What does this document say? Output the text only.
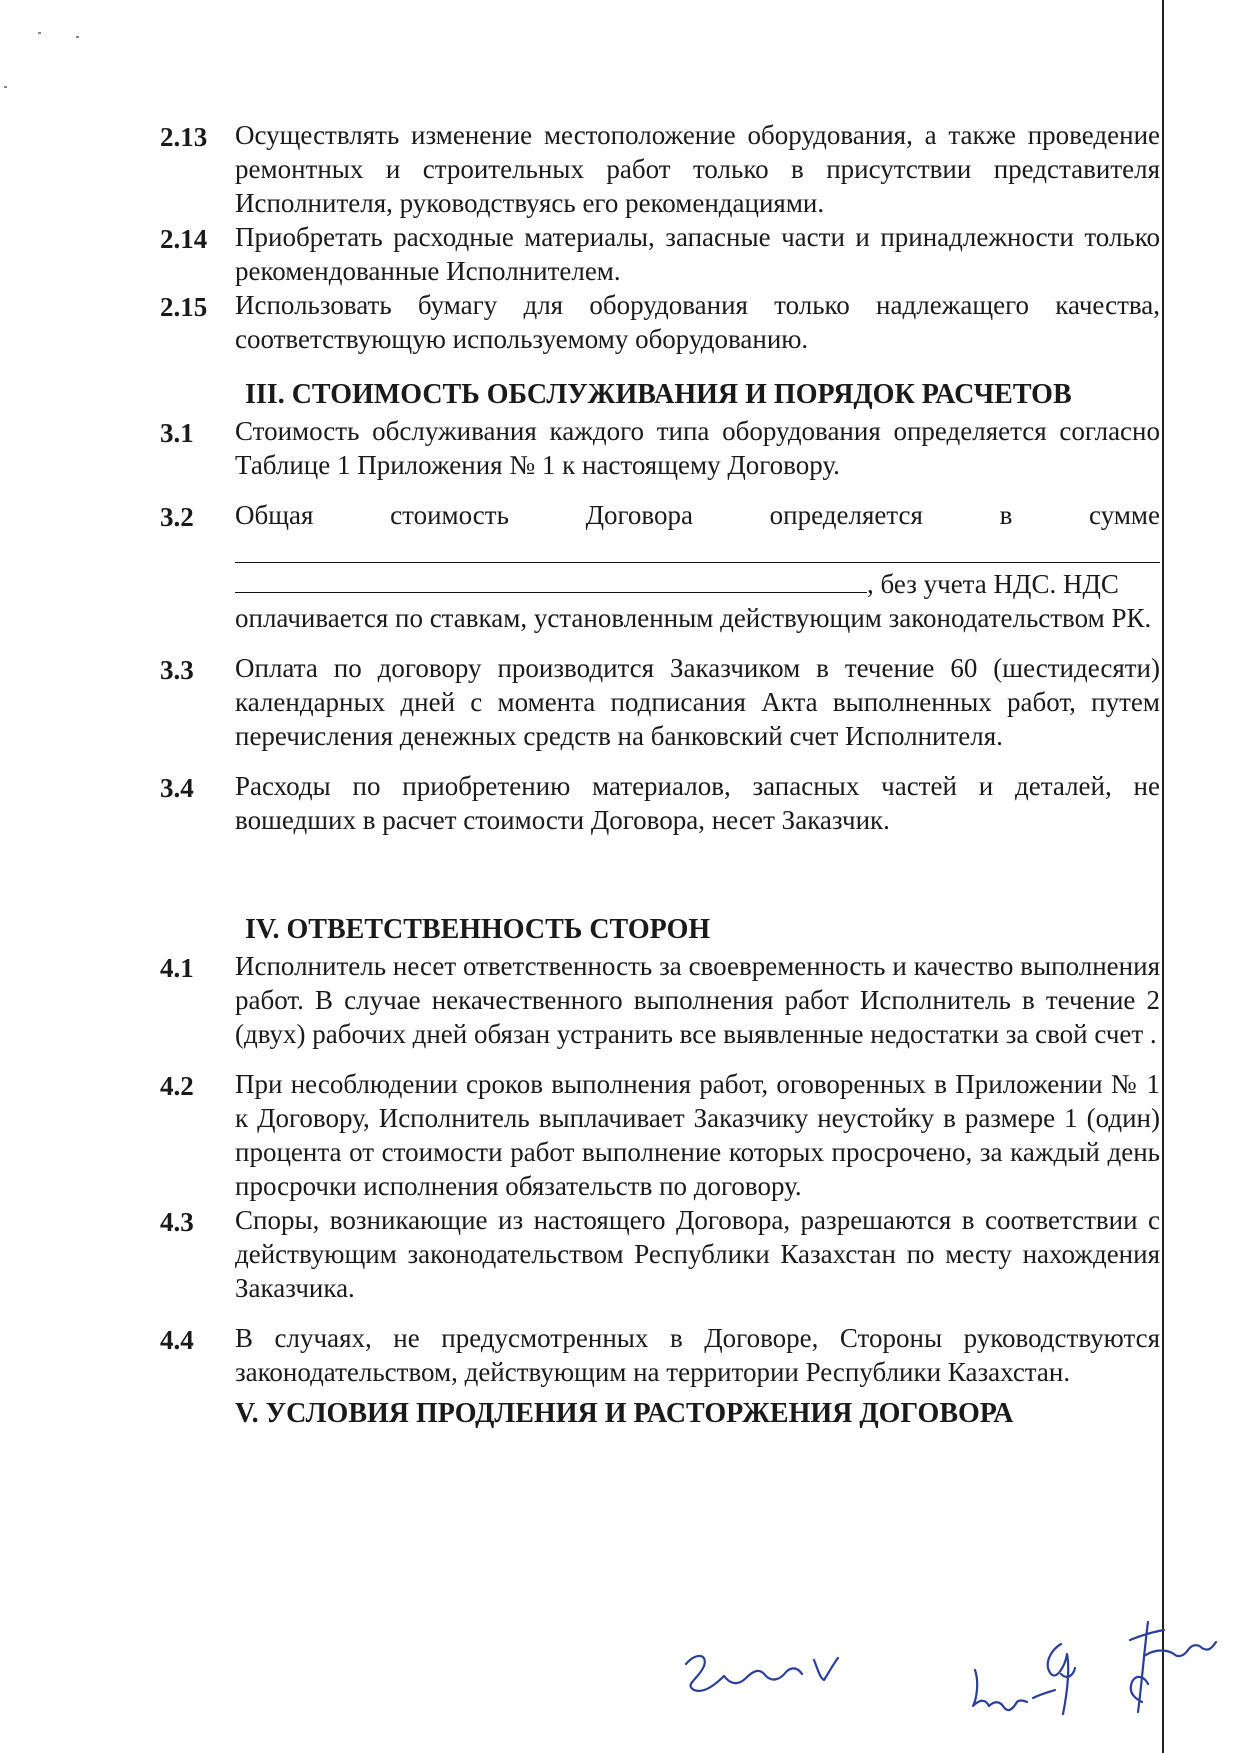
2.13	Осуществлять изменение местоположение оборудования, а также проведение ремонтных и строительных работ только в присутствии представителя Исполнителя, руководствуясь его рекомендациями.
2.14	Приобретать расходные материалы, запасные части и принадлежности только рекомендованные Исполнителем.
2.15	Использовать бумагу для оборудования только надлежащего качества, соответствующую используемому оборудованию.
III. СТОИМОСТЬ ОБСЛУЖИВАНИЯ И ПОРЯДОК РАСЧЕТОВ
3.1	Стоимость обслуживания каждого типа оборудования определяется согласно Таблице 1 Приложения № 1 к настоящему Договору.
3.2	Общая стоимость Договора определяется в сумме
, без учета НДС. НДС
оплачивается по ставкам, установленным действующим законодательством РК.
3.3	Оплата по договору производится Заказчиком в течение 60 (шестидесяти) календарных дней с момента подписания Акта выполненных работ, путем перечисления денежных средств на банковский счет Исполнителя.
3.4	Расходы по приобретению материалов, запасных частей и деталей, не вошедших в расчет стоимости Договора, несет Заказчик.
IV. ОТВЕТСТВЕННОСТЬ СТОРОН
4.1	Исполнитель несет ответственность за своевременность и качество выполнения работ. В случае некачественного выполнения работ Исполнитель в течение 2 (двух) рабочих дней обязан устранить все выявленные недостатки за свой счет .
4.2	При несоблюдении сроков выполнения работ, оговоренных в Приложении № 1 к Договору, Исполнитель выплачивает Заказчику неустойку в размере 1 (один) процента от стоимости работ выполнение которых просрочено, за каждый день просрочки исполнения обязательств по договору.
4.3	Споры, возникающие из настоящего Договора, разрешаются в соответствии с действующим законодательством Республики Казахстан по месту нахождения Заказчика.
4.4	В случаях, не предусмотренных в Договоре, Стороны руководствуются законодательством, действующим на территории Республики Казахстан.
V. УСЛОВИЯ ПРОДЛЕНИЯ И РАСТОРЖЕНИЯ ДОГОВОРА
